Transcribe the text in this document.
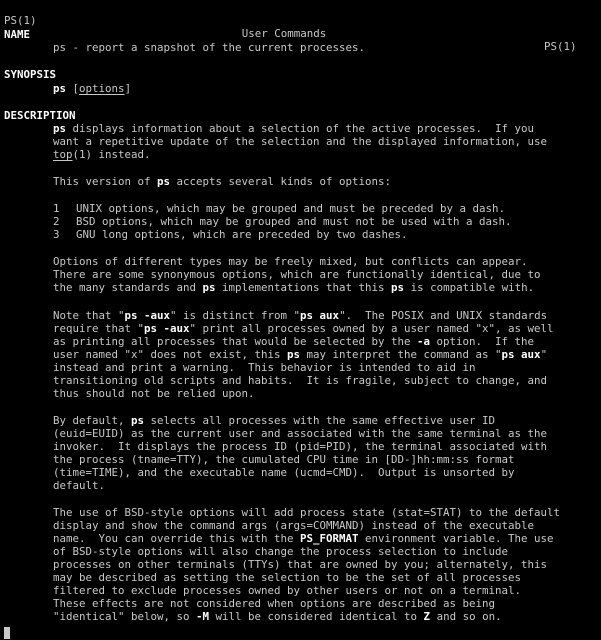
PS(1)

User Commands

PS(1)

NAME
ps - report a snapshot of the current processes.
SYNOPSIS
ps [options]
DESCRIPTION
ps displays information about a selection of the active processes.  If you
want a repetitive update of the selection and the displayed information, use
top(1) instead.
This version of ps accepts several kinds of options:
1 UNIX options, which may be grouped and must be preceded by a dash.
2 BSD options, which may be grouped and must not be used with a dash.
3 GNU long options, which are preceded by two dashes.
Options of different types may be freely mixed, but conflicts can appear.
There are some synonymous options, which are functionally identical, due to
the many standards and ps implementations that this ps is compatible with.
Note that "ps -aux" is distinct from "ps aux".  The POSIX and UNIX standards
require that "ps -aux" print all processes owned by a user named "x", as well
as printing all processes that would be selected by the -a option.  If the
user named "x" does not exist, this ps may interpret the command as "ps aux"
instead and print a warning.  This behavior is intended to aid in
transitioning old scripts and habits.  It is fragile, subject to change, and
thus should not be relied upon.
By default, ps selects all processes with the same effective user ID
(euid=EUID) as the current user and associated with the same terminal as the
invoker.  It displays the process ID (pid=PID), the terminal associated with
the process (tname=TTY), the cumulated CPU time in [DD-]hh:mm:ss format
(time=TIME), and the executable name (ucmd=CMD).  Output is unsorted by
default.
The use of BSD-style options will add process state (stat=STAT) to the default
display and show the command args (args=COMMAND) instead of the executable
name.  You can override this with the PS_FORMAT environment variable. The use
of BSD-style options will also change the process selection to include
processes on other terminals (TTYs) that are owned by you; alternately, this
may be described as setting the selection to be the set of all processes
filtered to exclude processes owned by other users or not on a terminal.
These effects are not considered when options are described as being
"identical" below, so -M will be considered identical to Z and so on.
